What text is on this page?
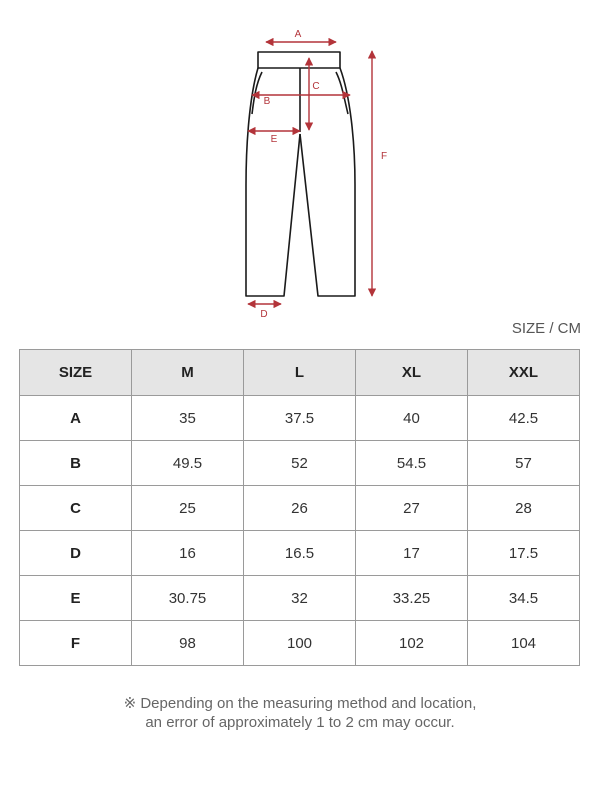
A
B
C
D
E
F
SIZE / CM
SIZE	M	L	XL	XXL
A	35	37.5	40	42.5
B	49.5	52	54.5	57
C	25	26	27	28
D	16	16.5	17	17.5
E	30.75	32	33.25	34.5
F	98	100	102	104
※ Depending on the measuring method and location,
an error of approximately 1 to 2 cm may occur.
